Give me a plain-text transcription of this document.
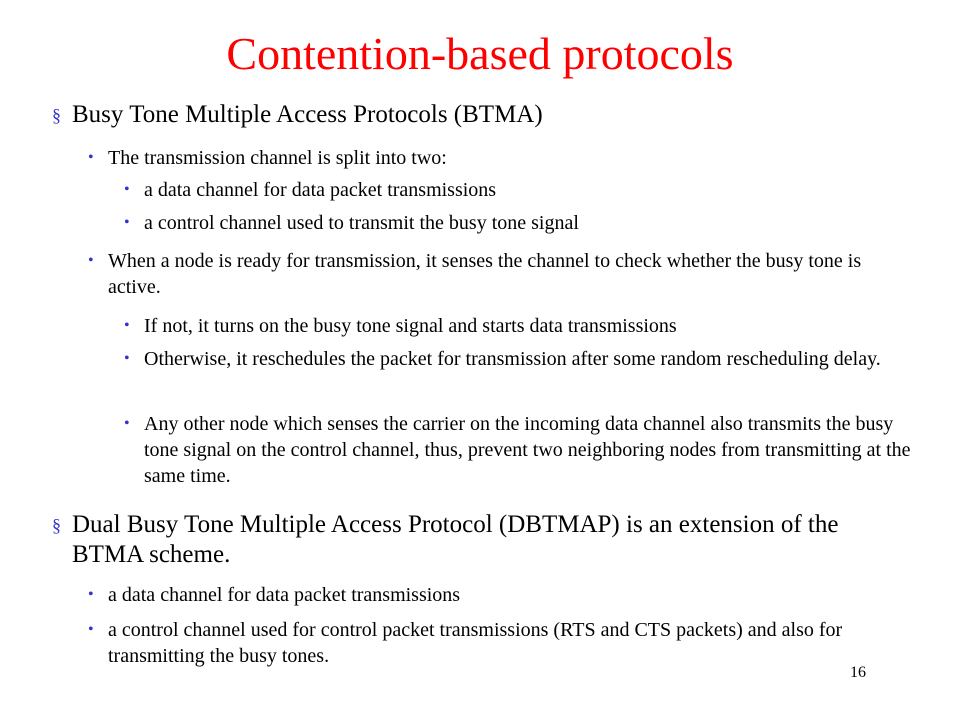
Contention-based protocols
§ Busy Tone Multiple Access Protocols (BTMA)
• The transmission channel is split into two:
• a data channel for data packet transmissions
• a control channel used to transmit the busy tone signal
• When a node is ready for transmission, it senses the channel to check whether the busy tone is active.
• If not, it turns on the busy tone signal and starts data transmissions
• Otherwise, it reschedules the packet for transmission after some random rescheduling delay.
• Any other node which senses the carrier on the incoming data channel also transmits the busy tone signal on the control channel, thus, prevent two neighboring nodes from transmitting at the same time.
§ Dual Busy Tone Multiple Access Protocol (DBTMAP) is an extension of the BTMA scheme.
• a data channel for data packet transmissions
• a control channel used for control packet transmissions (RTS and CTS packets) and also for transmitting the busy tones.
16
